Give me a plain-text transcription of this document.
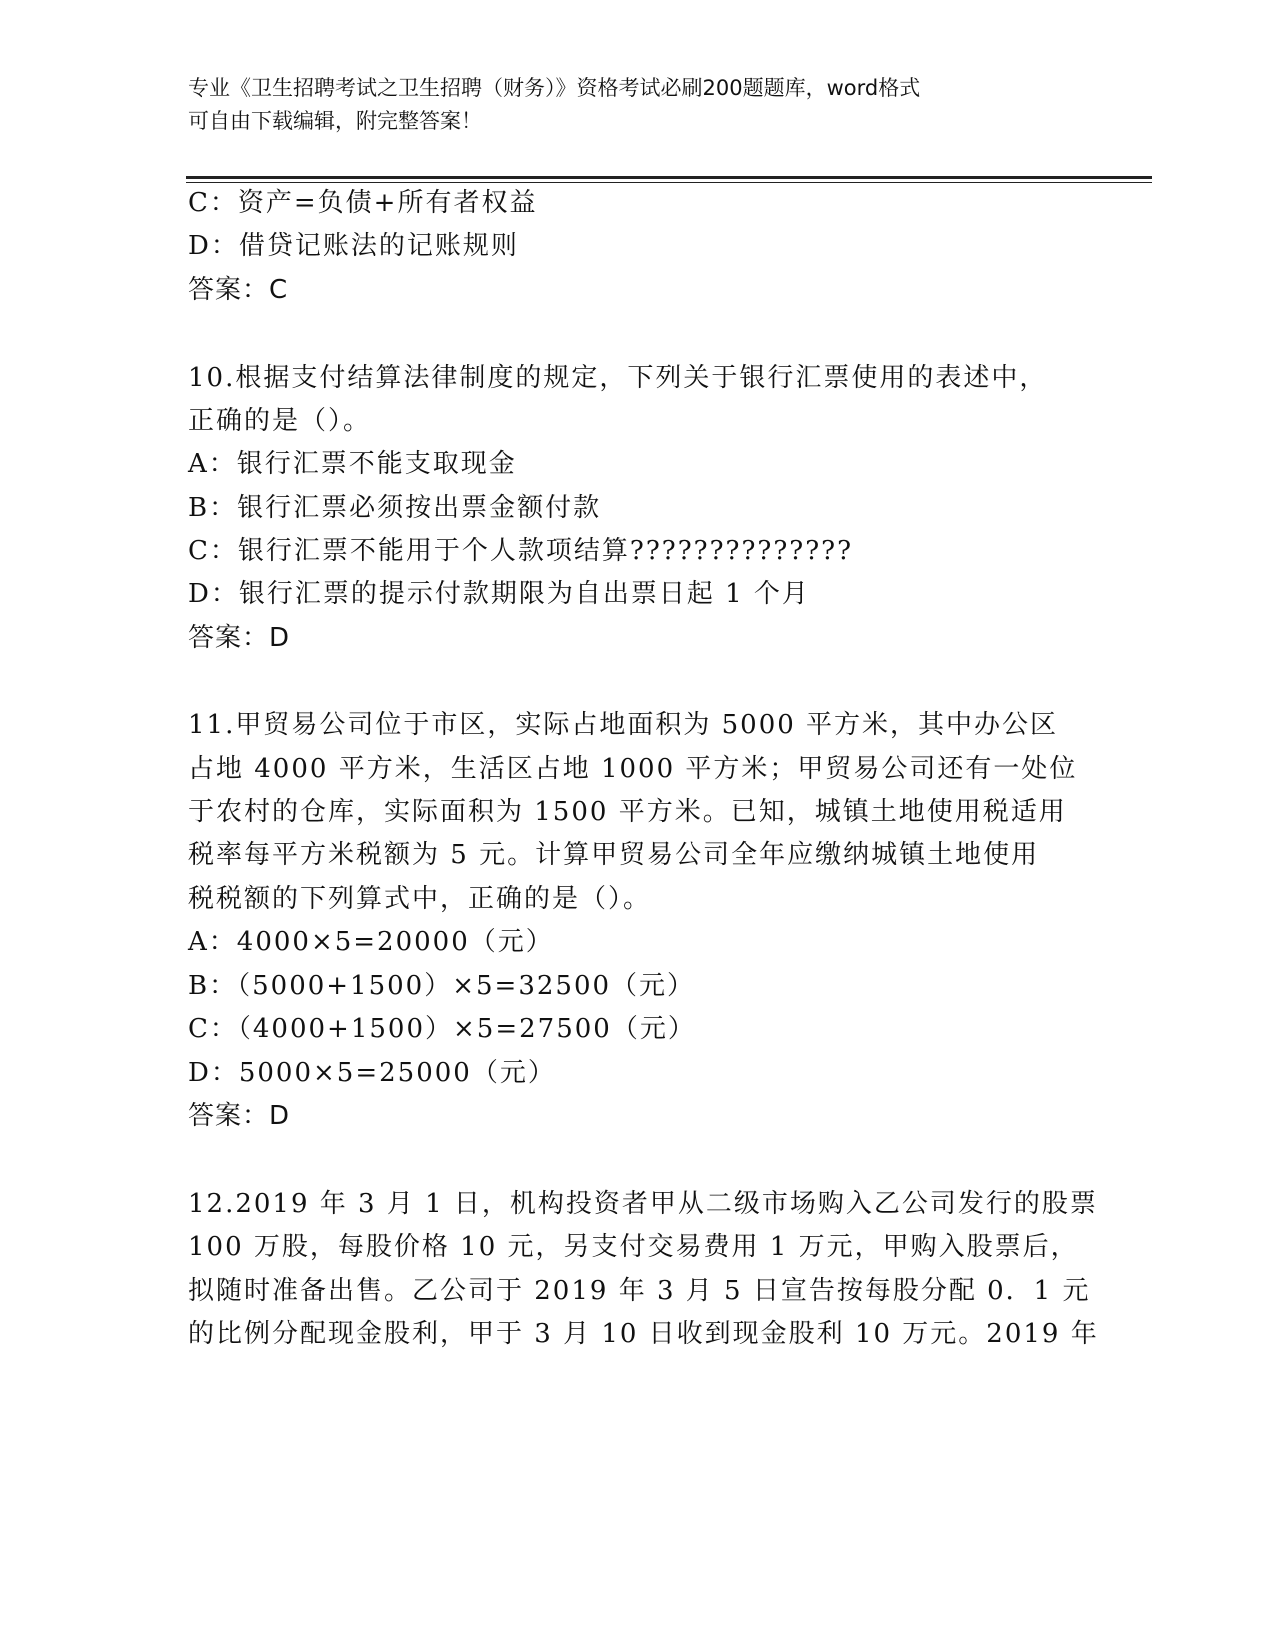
专业《卫生招聘考试之卫生招聘（财务）》资格考试必刷200题题库，word格式
可自由下载编辑，附完整答案！
C：资产=负债+所有者权益
D：借贷记账法的记账规则
答案：C
10.根据支付结算法律制度的规定，下列关于银行汇票使用的表述中，
正确的是（）。
A：银行汇票不能支取现金
B：银行汇票必须按出票金额付款
C：银行汇票不能用于个人款项结算??????????????
D：银行汇票的提示付款期限为自出票日起 1 个月
答案：D
11.甲贸易公司位于市区，实际占地面积为 5000 平方米，其中办公区
占地 4000 平方米，生活区占地 1000 平方米；甲贸易公司还有一处位
于农村的仓库，实际面积为 1500 平方米。已知，城镇土地使用税适用
税率每平方米税额为 5 元。计算甲贸易公司全年应缴纳城镇土地使用
税税额的下列算式中，正确的是（）。
A：4000×5=20000（元）
B：（5000+1500）×5=32500（元）
C：（4000+1500）×5=27500（元）
D：5000×5=25000（元）
答案：D
12.2019 年 3 月 1 日，机构投资者甲从二级市场购入乙公司发行的股票
100 万股，每股价格 10 元，另支付交易费用 1 万元，甲购入股票后，
拟随时准备出售。乙公司于 2019 年 3 月 5 日宣告按每股分配 0．1 元
的比例分配现金股利，甲于 3 月 10 日收到现金股利 10 万元。2019 年
